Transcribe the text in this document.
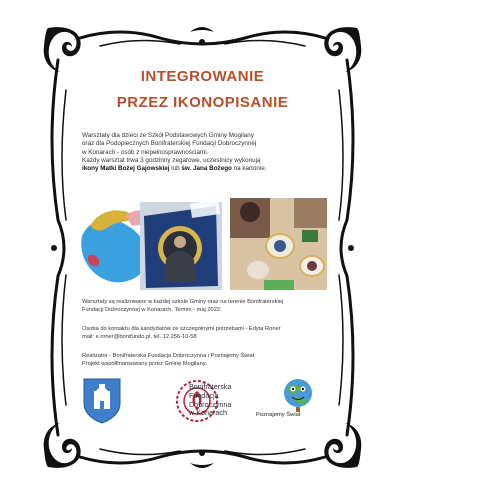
INTEGROWANIE
PRZEZ IKONOPISANIE
Warsztaty dla dzieci ze Szkół Podstawowych Gminy Mogilany
oraz dla Podopiecznych Bonifraterskiej Fundacji Dobroczynnej
w Konarach - osób z niepełnosprawnościami.
Każdy warsztat trwa 3 godzinny zegarowe, uczestnicy wykonują
ikony Matki Bożej Gajowskiej lub św. Jana Bożego na kartonie.
Warsztaty są realizowane w każdej szkole Gminy oraz na terenie Bonifraterskiej
Fundacji Dobroczynnej w Konarach. Termin - maj 2022.
Osoba do kontaktu dla kandydatów ze szczególnymi potrzebami - Edyta Roner
mail: e.roner@bonifundo.pl, tel. 12 256-10-58
Realizator - Bonifraterska Fundacja Dobroczynna i Poznajemy Świat
Projekt współfinansowany przez Gminę Mogilany.
Bonifraterska
Fundacja
Dobroczynna
w Konarach	Poznajemy Świat
